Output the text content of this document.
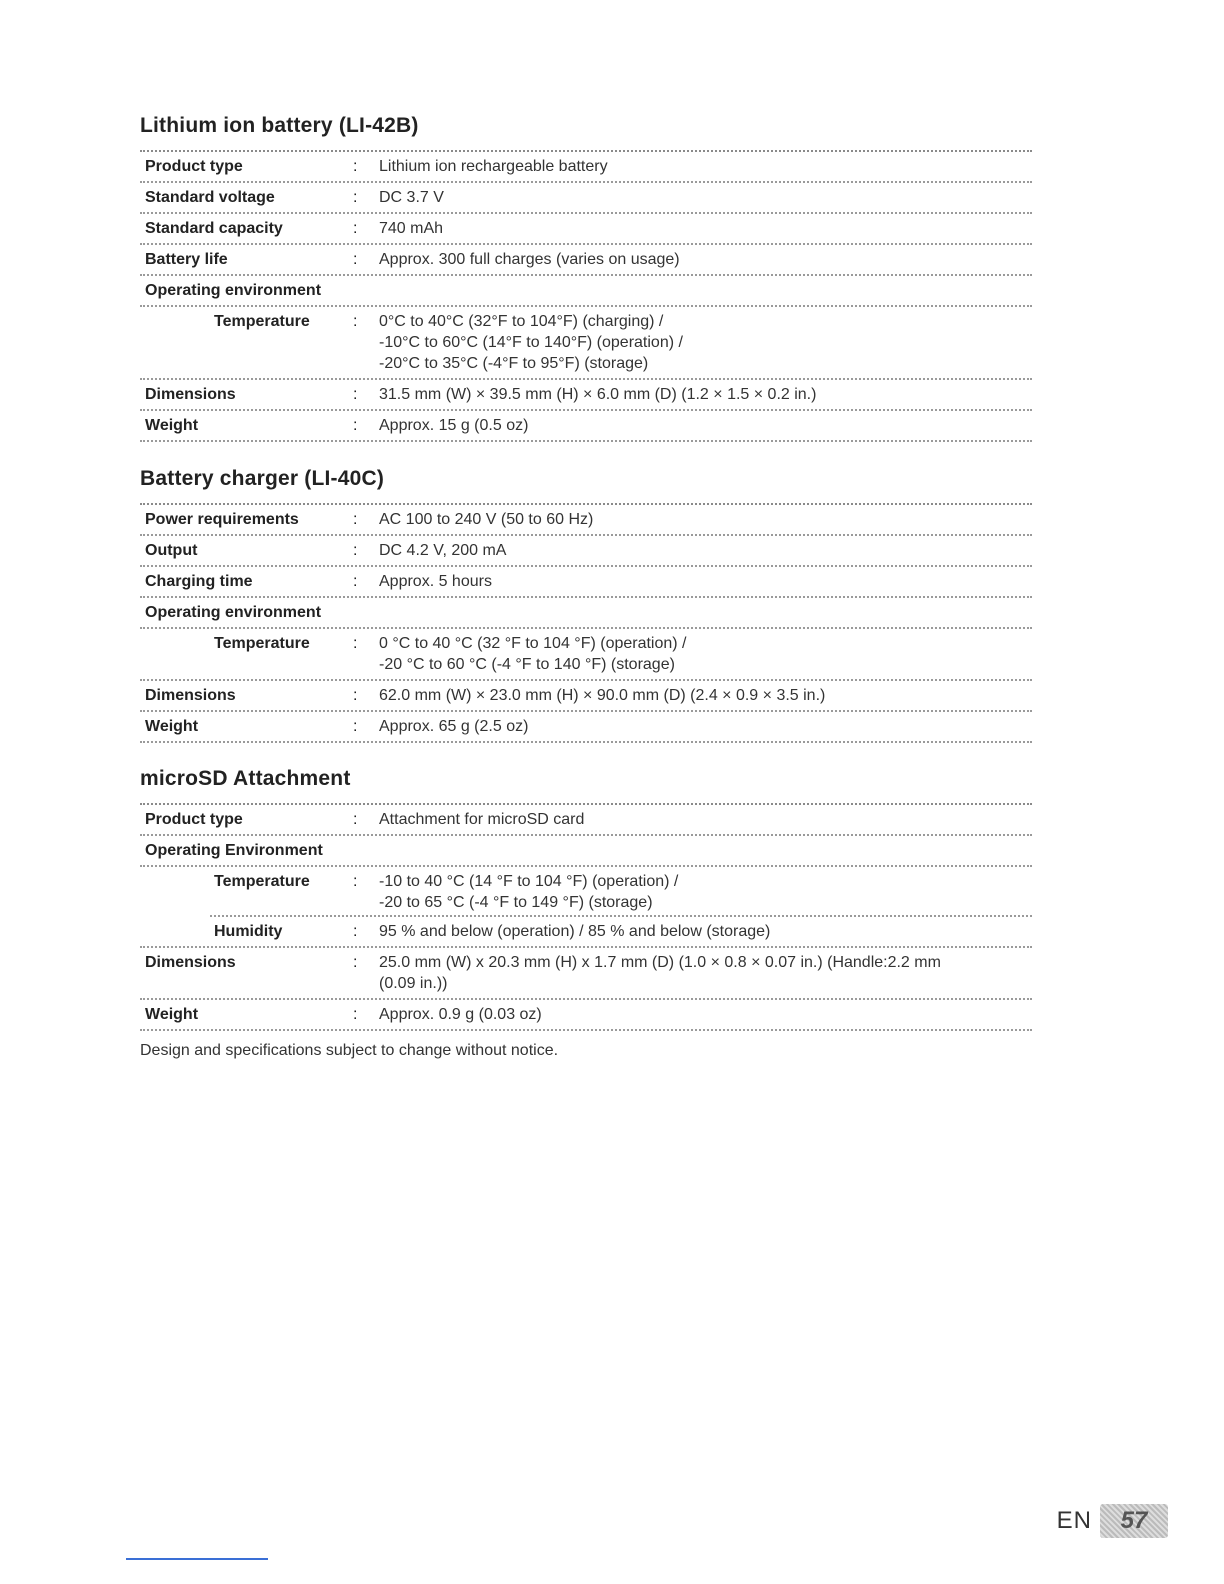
Lithium ion battery (LI-42B)
Product type	:	Lithium ion rechargeable battery
Standard voltage	:	DC 3.7 V
Standard capacity	:	740 mAh
Battery life	:	Approx. 300 full charges (varies on usage)
Operating environment
Temperature	:	0°C to 40°C (32°F to 104°F) (charging) /
-10°C to 60°C (14°F to 140°F) (operation) /
-20°C to 35°C (-4°F to 95°F) (storage)
Dimensions	:	31.5 mm (W) × 39.5 mm (H) × 6.0 mm (D) (1.2 × 1.5 × 0.2 in.)
Weight	:	Approx. 15 g (0.5 oz)
Battery charger (LI-40C)
Power requirements	:	AC 100 to 240 V (50 to 60 Hz)
Output	:	DC 4.2 V, 200 mA
Charging time	:	Approx. 5 hours
Operating environment
Temperature	:	0 °C to 40 °C (32 °F to 104 °F) (operation) /
-20 °C to 60 °C (-4 °F to 140 °F) (storage)
Dimensions	:	62.0 mm (W) × 23.0 mm (H) × 90.0 mm (D) (2.4 × 0.9 × 3.5 in.)
Weight	:	Approx. 65 g (2.5 oz)
microSD Attachment
Product type	:	Attachment for microSD card
Operating Environment
Temperature	:	-10 to 40 °C (14 °F to 104 °F) (operation) /
-20 to 65 °C (-4 °F to 149 °F) (storage)
Humidity	:	95 % and below (operation) / 85 % and below (storage)
Dimensions	:	25.0 mm (W) x 20.3 mm (H) x 1.7 mm (D) (1.0 × 0.8 × 0.07 in.) (Handle:2.2 mm
(0.09 in.))
Weight	:	Approx. 0.9 g (0.03 oz)
Design and specifications subject to change without notice.
EN	57
